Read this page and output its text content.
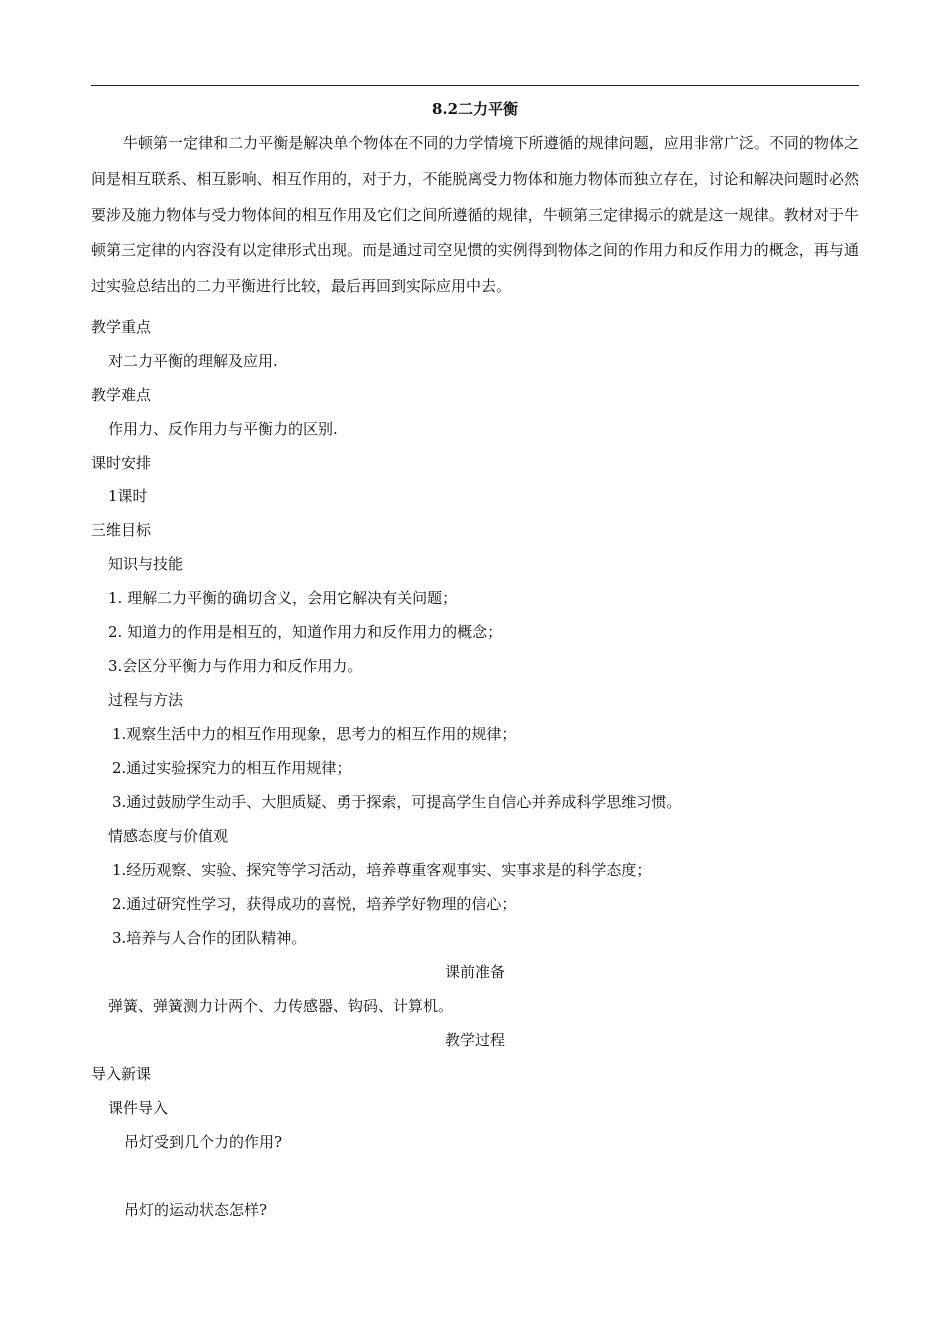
8.2二力平衡

牛顿第一定律和二力平衡是解决单个物体在不同的力学情境下所遵循的规律问题，应用非常广泛。不同的物体之间是相互联系、相互影响、相互作用的，对于力，不能脱离受力物体和施力物体而独立存在，讨论和解决问题时必然要涉及施力物体与受力物体间的相互作用及它们之间所遵循的规律，牛顿第三定律揭示的就是这一规律。教材对于牛顿第三定律的内容没有以定律形式出现。而是通过司空见惯的实例得到物体之间的作用力和反作用力的概念，再与通过实验总结出的二力平衡进行比较，最后再回到实际应用中去。

教学重点
对二力平衡的理解及应用.
教学难点
作用力、反作用力与平衡力的区别.
课时安排
1课时
三维目标
知识与技能
1. 理解二力平衡的确切含义，会用它解决有关问题；
2. 知道力的作用是相互的，知道作用力和反作用力的概念；
3.会区分平衡力与作用力和反作用力。
过程与方法
1.观察生活中力的相互作用现象，思考力的相互作用的规律；
2.通过实验探究力的相互作用规律；
3.通过鼓励学生动手、大胆质疑、勇于探索，可提高学生自信心并养成科学思维习惯。
情感态度与价值观
1.经历观察、实验、探究等学习活动，培养尊重客观事实、实事求是的科学态度；
2.通过研究性学习，获得成功的喜悦，培养学好物理的信心；
3.培养与人合作的团队精神。
课前准备
弹簧、弹簧测力计两个、力传感器、钩码、计算机。
教学过程
导入新课
课件导入
吊灯受到几个力的作用?
吊灯的运动状态怎样?
